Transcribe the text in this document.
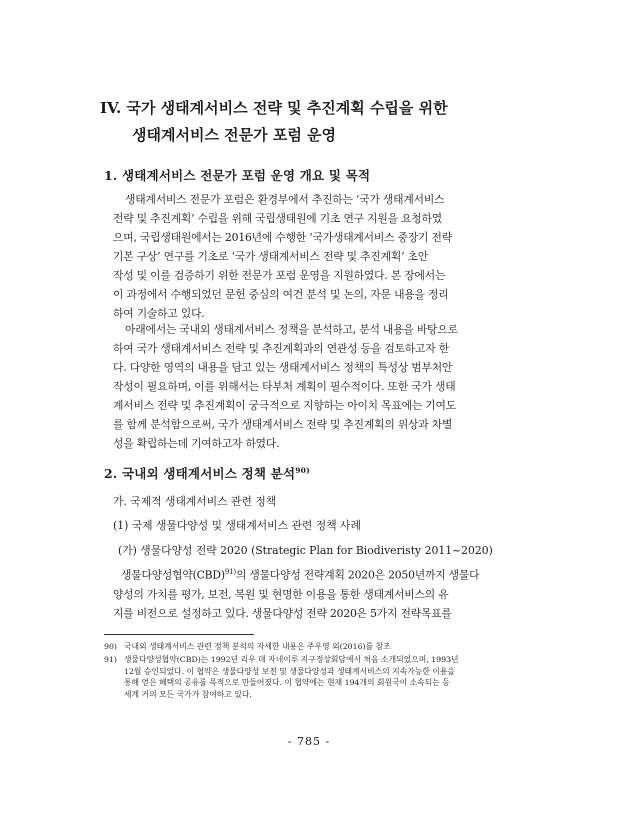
IV. 국가 생태계서비스 전략 및 추진계획 수립을 위한
생태계서비스 전문가 포럼 운영
1. 생태계서비스 전문가 포럼 운영 개요 및 목적
생태계서비스 전문가 포럼은 환경부에서 추진하는 ‘국가 생태계서비스
전략 및 추진계획’ 수립을 위해 국립생태원에 기초 연구 지원을 요청하였
으며, 국립생태원에서는 2016년에 수행한 ‘국가생태계서비스 중장기 전략
기본 구상’ 연구를 기초로 ‘국가 생태계서비스 전략 및 추진계획’ 초안
작성 및 이를 검증하기 위한 전문가 포럼 운영을 지원하였다. 본 장에서는
이 과정에서 수행되었던 문헌 중심의 여건 분석 및 논의, 자문 내용을 정리
하여 기술하고 있다.
아래에서는 국내외 생태계서비스 정책을 분석하고, 분석 내용을 바탕으로
하여 국가 생태계서비스 전략 및 추진계획과의 연관성 등을 검토하고자 한
다. 다양한 영역의 내용을 담고 있는 생태계서비스 정책의 특성상 범부처안
작성이 필요하며, 이를 위해서는 타부처 계획이 필수적이다. 또한 국가 생태
계서비스 전략 및 추진계획이 궁극적으로 지향하는 아이치 목표에는 기여도
를 함께 분석함으로써, 국가 생태계서비스 전략 및 추진계획의 위상과 차별
성을 확립하는데 기여하고자 하였다.
2. 국내외 생태계서비스 정책 분석$^{90)}$
가. 국제적 생태계서비스 관련 정책
(1) 국제 생물다양성 및 생태계서비스 관련 정책 사례
(가) 생물다양성 전략 2020 (Strategic Plan for Biodiveristy 2011~2020)
생물다양성협약(CBD)$^{91)}$의 생물다양성 전략계획 2020은 2050년까지 생물다
양성의 가치를 평가, 보전, 복원 및 현명한 이용을 통한 생태계서비스의 유
지를 비전으로 설정하고 있다. 생물다양성 전략 2020은 5가지 전략목표를
90) 국내외 생태계서비스 관련 정책 분석의 자세한 내용은 주우영 외(2016)를 참조
91) 생물다양성협약(CBD)는 1992년 리우 데 자네이루 지구정상회담에서 처음 소개되었으며, 1993년
12월 승인되었다. 이 협약은 생물다양성 보전 및 생물다양성과 생태계서비스의 지속가능한 이용을
통해 얻은 혜택의 공유를 목적으로 만들어졌다. 이 협약에는 현재 194개의 회원국이 소속되는 등
세계 거의 모든 국가가 참여하고 있다.
- 785 -
